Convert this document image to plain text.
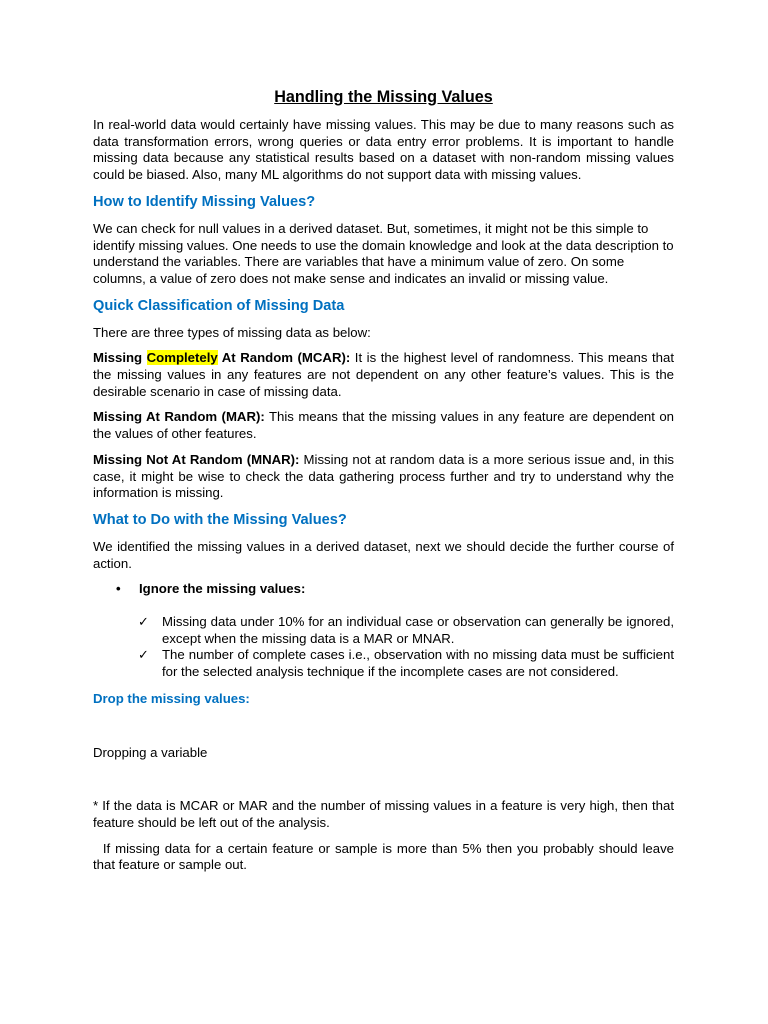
Handling the Missing Values

In real-world data would certainly have missing values. This may be due to many reasons such as data transformation errors, wrong queries or data entry error problems. It is important to handle missing data because any statistical results based on a dataset with non-random missing values could be biased. Also, many ML algorithms do not support data with missing values.

How to Identify Missing Values?

We can check for null values in a derived dataset. But, sometimes, it might not be this simple to identify missing values. One needs to use the domain knowledge and look at the data description to understand the variables. There are variables that have a minimum value of zero. On some columns, a value of zero does not make sense and indicates an invalid or missing value.

Quick Classification of Missing Data

There are three types of missing data as below:

Missing Completely At Random (MCAR): It is the highest level of randomness. This means that the missing values in any features are not dependent on any other feature’s values. This is the desirable scenario in case of missing data.

Missing At Random (MAR): This means that the missing values in any feature are dependent on the values of other features.

Missing Not At Random (MNAR): Missing not at random data is a more serious issue and, in this case, it might be wise to check the data gathering process further and try to understand why the information is missing.

What to Do with the Missing Values?

We identified the missing values in a derived dataset, next we should decide the further course of action.

• Ignore the missing values:
✓ Missing data under 10% for an individual case or observation can generally be ignored, except when the missing data is a MAR or MNAR.
✓ The number of complete cases i.e., observation with no missing data must be sufficient for the selected analysis technique if the incomplete cases are not considered.
Drop the missing values:

Dropping a variable

* If the data is MCAR or MAR and the number of missing values in a feature is very high, then that feature should be left out of the analysis.

If missing data for a certain feature or sample is more than 5% then you probably should leave that feature or sample out.
